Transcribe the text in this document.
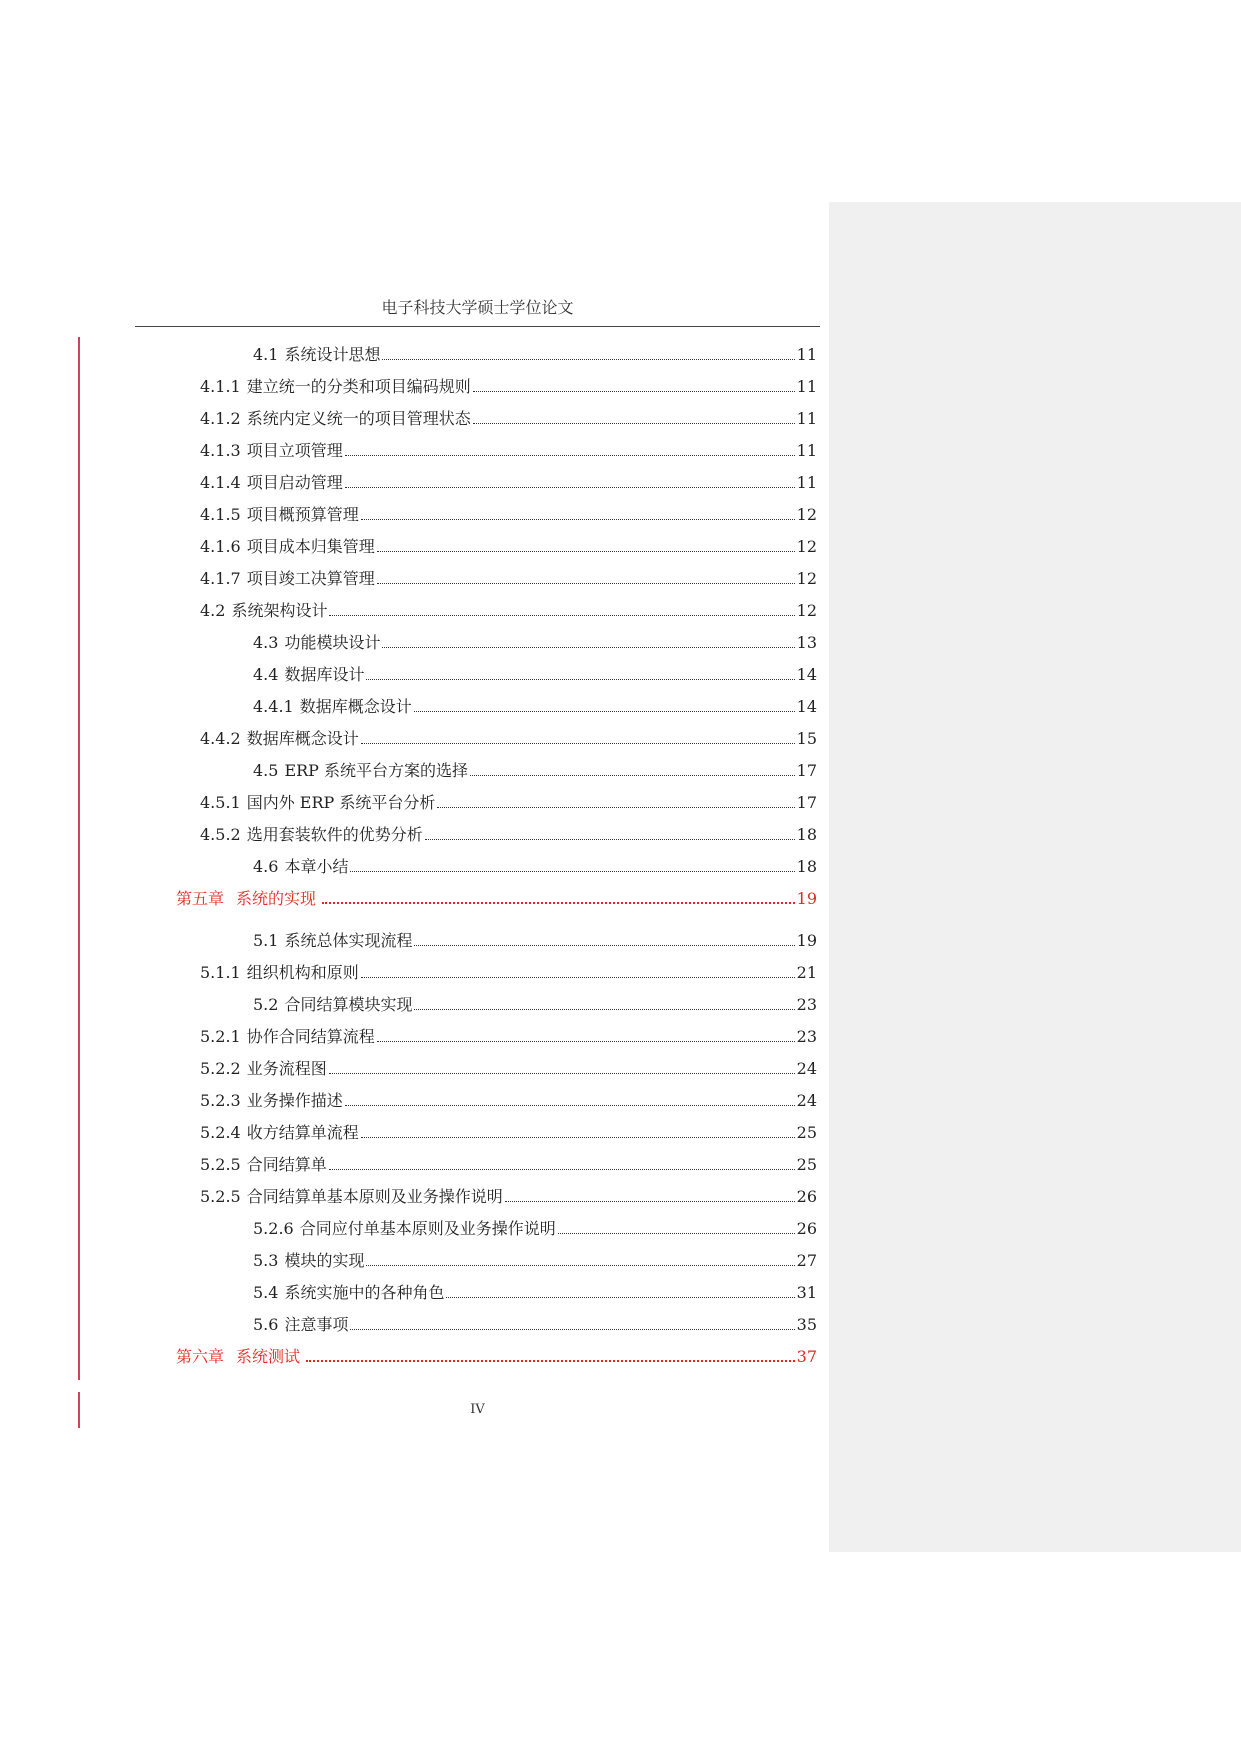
电子科技大学硕士学位论文
4.1 系统设计思想	11
4.1.1 建立统一的分类和项目编码规则	11
4.1.2 系统内定义统一的项目管理状态	11
4.1.3 项目立项管理	11
4.1.4 项目启动管理	11
4.1.5 项目概预算管理	12
4.1.6 项目成本归集管理	12
4.1.7 项目竣工决算管理	12
4.2 系统架构设计	12
4.3 功能模块设计	13
4.4 数据库设计	14
4.4.1 数据库概念设计	14
4.4.2 数据库概念设计	15
4.5 ERP 系统平台方案的选择	17
4.5.1 国内外 ERP 系统平台分析	17
4.5.2 选用套装软件的优势分析	18
4.6 本章小结	18
第五章 系统的实现	19
5.1 系统总体实现流程	19
5.1.1 组织机构和原则	21
5.2 合同结算模块实现	23
5.2.1 协作合同结算流程	23
5.2.2 业务流程图	24
5.2.3 业务操作描述	24
5.2.4 收方结算单流程	25
5.2.5 合同结算单	25
5.2.5 合同结算单基本原则及业务操作说明	26
5.2.6 合同应付单基本原则及业务操作说明	26
5.3 模块的实现	27
5.4 系统实施中的各种角色	31
5.6 注意事项	35
第六章 系统测试	37
IV
